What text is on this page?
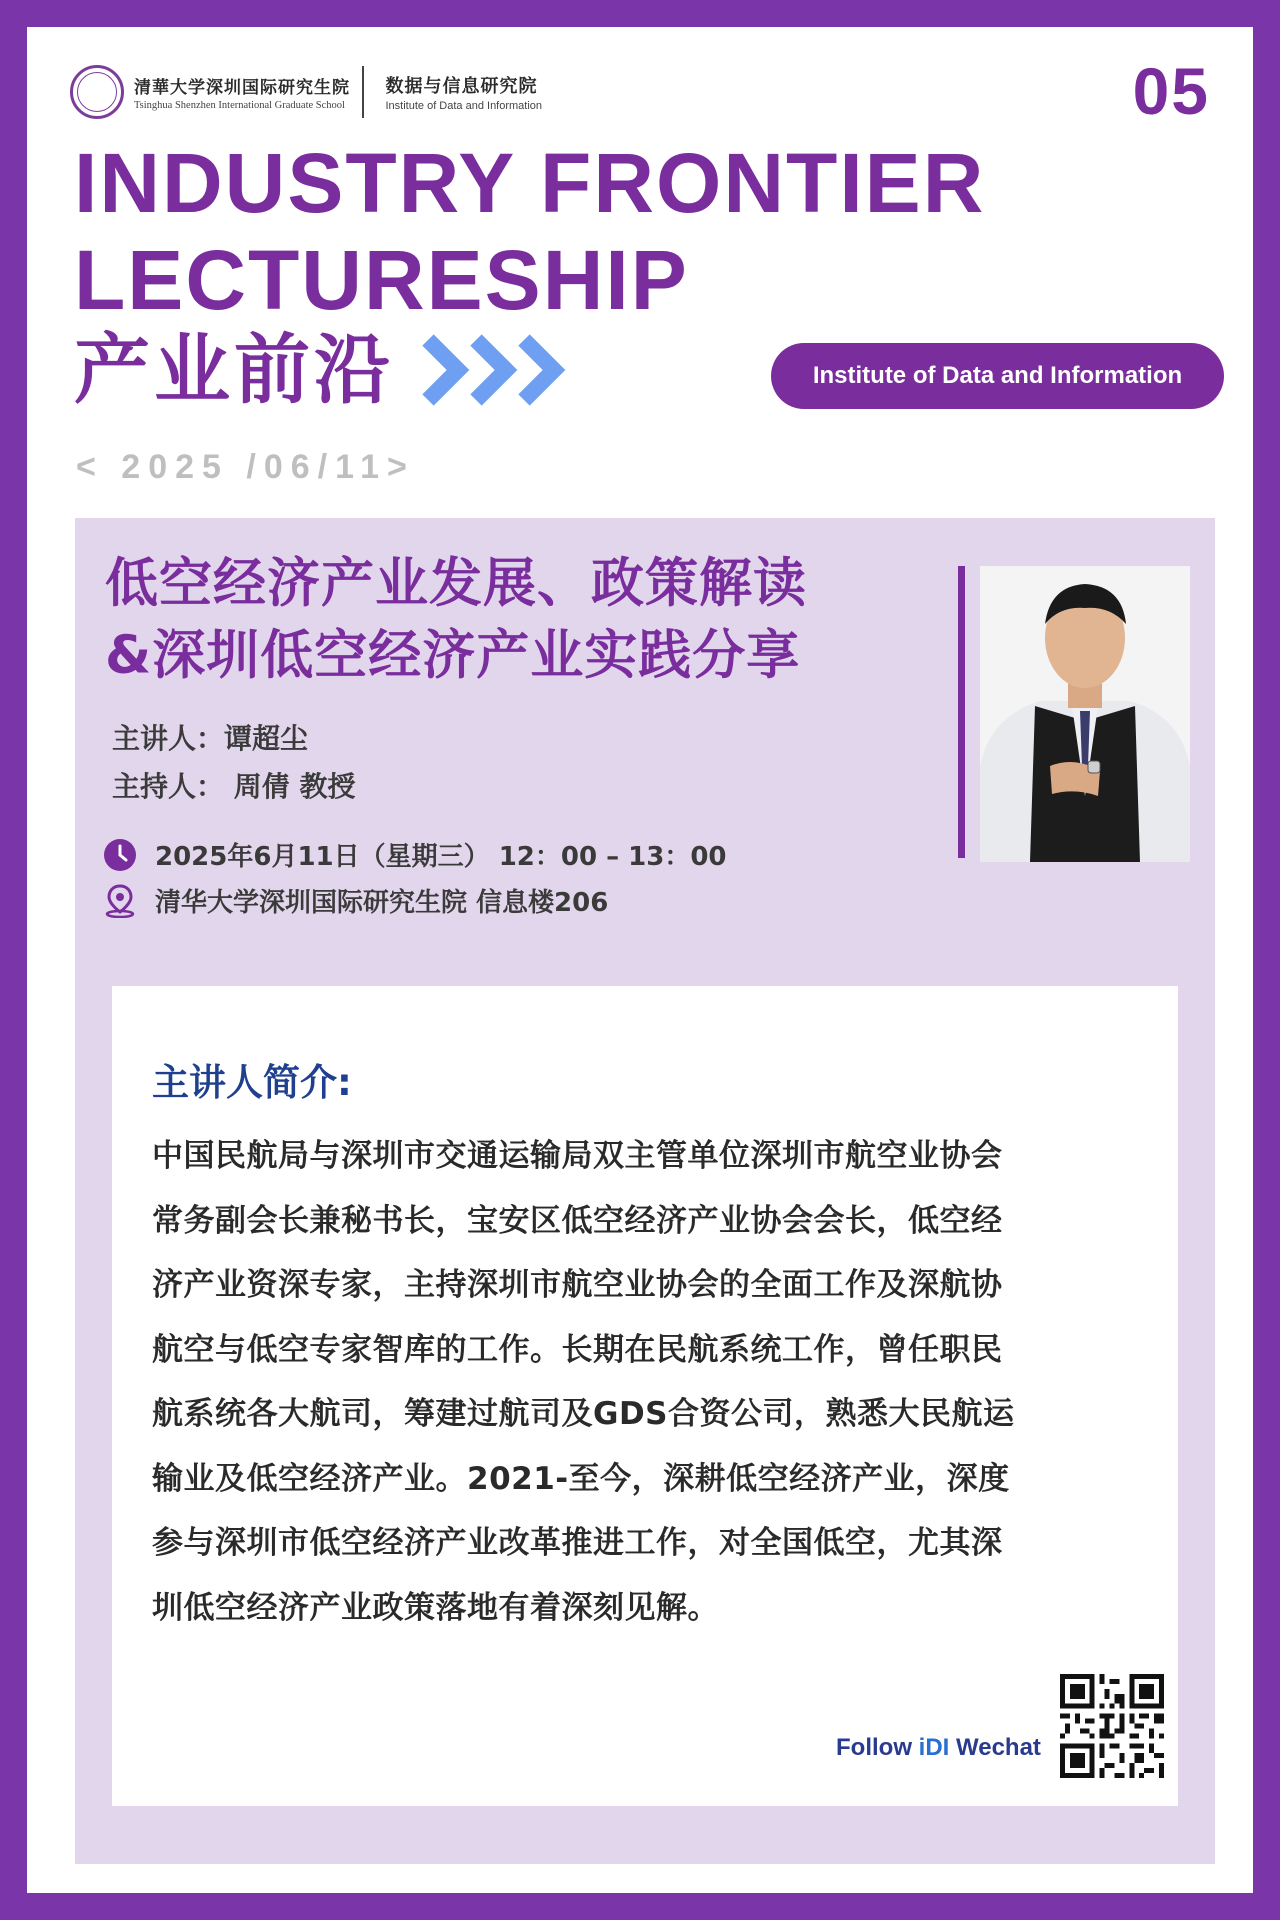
清華大学深圳国际研究生院
Tsinghua Shenzhen International Graduate School
数据与信息研究院
Institute of Data and Information	05
INDUSTRY FRONTIER
LECTURESHIP
产业前沿	Institute of Data and Information
< 2025 /06/11>
低空经济产业发展、政策解读
&深圳低空经济产业实践分享
主讲人：谭超尘
主持人： 周倩 教授
2025年6月11日（星期三） 12：00 – 13：00
清华大学深圳国际研究生院 信息楼206
主讲人简介:

中国民航局与深圳市交通运输局双主管单位深圳市航空业协会
常务副会长兼秘书长，宝安区低空经济产业协会会长，低空经
济产业资深专家，主持深圳市航空业协会的全面工作及深航协
航空与低空专家智库的工作。长期在民航系统工作，曾任职民
航系统各大航司，筹建过航司及GDS合资公司，熟悉大民航运
输业及低空经济产业。2021-至今，深耕低空经济产业，深度
参与深圳市低空经济产业改革推进工作，对全国低空，尤其深
圳低空经济产业政策落地有着深刻见解。

Follow iDI Wechat
